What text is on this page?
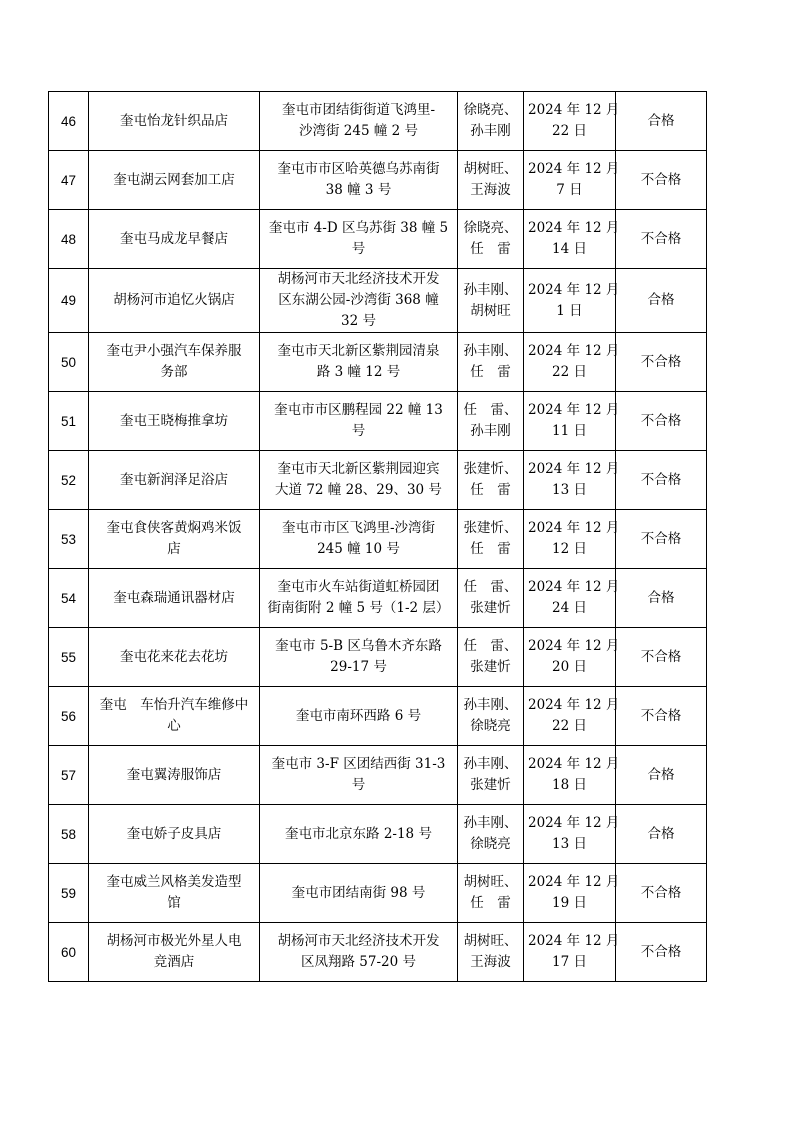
46	奎屯怡龙针织品店	奎屯市团结街街道飞鸿里-
沙湾街 245 幢 2 号	徐晓亮、
孙丰刚	2024 年 12 月
22 日	合格
47	奎屯湖云网套加工店	奎屯市市区哈英德乌苏南街
38 幢 3 号	胡树旺、
王海波	2024 年 12 月
7 日	不合格
48	奎屯马成龙早餐店	奎屯市 4-D 区乌苏街 38 幢 5
号	徐晓亮、
任　雷	2024 年 12 月
14 日	不合格
49	胡杨河市追忆火锅店	胡杨河市天北经济技术开发
区东湖公园-沙湾街 368 幢
32 号	孙丰刚、
胡树旺	2024 年 12 月
1 日	合格
50	奎屯尹小强汽车保养服
务部	奎屯市天北新区紫荆园清泉
路 3 幢 12 号	孙丰刚、
任　雷	2024 年 12 月
22 日	不合格
51	奎屯王晓梅推拿坊	奎屯市市区鹏程园 22 幢 13
号	任　雷、
孙丰刚	2024 年 12 月
11 日	不合格
52	奎屯新润泽足浴店	奎屯市天北新区紫荆园迎宾
大道 72 幢 28、29、30 号	张建忻、
任　雷	2024 年 12 月
13 日	不合格
53	奎屯食侠客黄焖鸡米饭
店	奎屯市市区飞鸿里-沙湾街
245 幢 10 号	张建忻、
任　雷	2024 年 12 月
12 日	不合格
54	奎屯森瑞通讯器材店	奎屯市火车站街道虹桥园团
街南街附 2 幢 5 号（1-2 层）	任　雷、
张建忻	2024 年 12 月
24 日	合格
55	奎屯花来花去花坊	奎屯市 5-B 区乌鲁木齐东路
29-17 号	任　雷、
张建忻	2024 年 12 月
20 日	不合格
56	奎屯　车怡升汽车维修中
心	奎屯市南环西路 6 号	孙丰刚、
徐晓亮	2024 年 12 月
22 日	不合格
57	奎屯翼涛服饰店	奎屯市 3-F 区团结西街 31-3
号	孙丰刚、
张建忻	2024 年 12 月
18 日	合格
58	奎屯娇子皮具店	奎屯市北京东路 2-18 号	孙丰刚、
徐晓亮	2024 年 12 月
13 日	合格
59	奎屯威兰风格美发造型
馆	奎屯市团结南街 98 号	胡树旺、
任　雷	2024 年 12 月
19 日	不合格
60	胡杨河市极光外星人电
竞酒店	胡杨河市天北经济技术开发
区凤翔路 57-20 号	胡树旺、
王海波	2024 年 12 月
17 日	不合格
